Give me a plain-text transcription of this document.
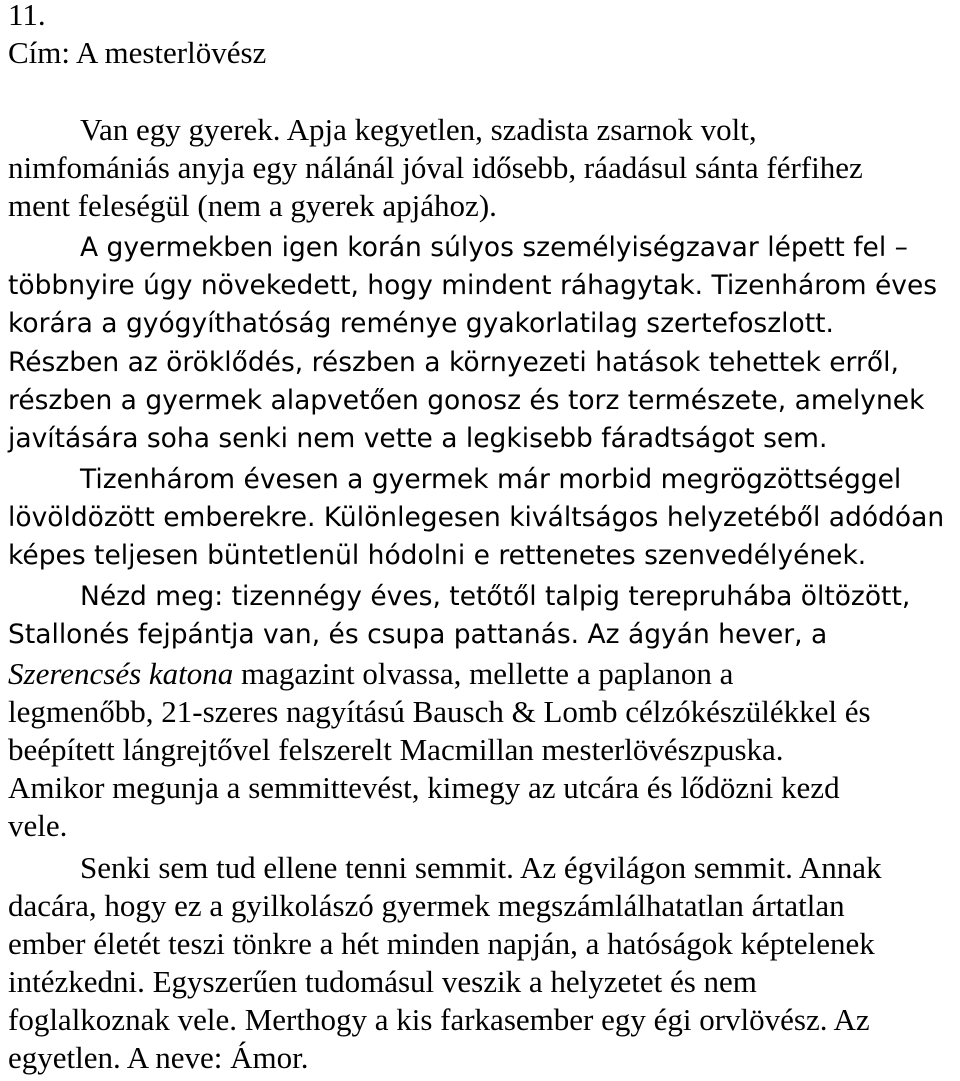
11.
Cím: A mesterlövész
Van egy gyerek. Apja kegyetlen, szadista zsarnok volt,
nimfomániás anyja egy nálánál jóval idősebb, ráadásul sánta férfihez
ment feleségül (nem a gyerek apjához).
A gyermekben igen korán súlyos személyiségzavar lépett fel –
többnyire úgy növekedett, hogy mindent ráhagytak. Tizenhárom éves
korára a gyógyíthatóság reménye gyakorlatilag szertefoszlott.
Részben az öröklődés, részben a környezeti hatások tehettek erről,
részben a gyermek alapvetően gonosz és torz természete, amelynek
javítására soha senki nem vette a legkisebb fáradtságot sem.
Tizenhárom évesen a gyermek már morbid megrögzöttséggel
lövöldözött emberekre. Különlegesen kiváltságos helyzetéből adódóan
képes teljesen büntetlenül hódolni e rettenetes szenvedélyének.
Nézd meg: tizennégy éves, tetőtől talpig terepruhába öltözött,
Stallonés fejpántja van, és csupa pattanás. Az ágyán hever, a
Szerencsés katona magazint olvassa, mellette a paplanon a
legmenőbb, 21-szeres nagyítású Bausch & Lomb célzókészülékkel és
beépített lángrejtővel felszerelt Macmillan mesterlövészpuska.
Amikor megunja a semmittevést, kimegy az utcára és lődözni kezd
vele.
Senki sem tud ellene tenni semmit. Az égvilágon semmit. Annak
dacára, hogy ez a gyilkolászó gyermek megszámlálhatatlan ártatlan
ember életét teszi tönkre a hét minden napján, a hatóságok képtelenek
intézkedni. Egyszerűen tudomásul veszik a helyzetet és nem
foglalkoznak vele. Merthogy a kis farkasember egy égi orvlövész. Az
egyetlen. A neve: Ámor.
